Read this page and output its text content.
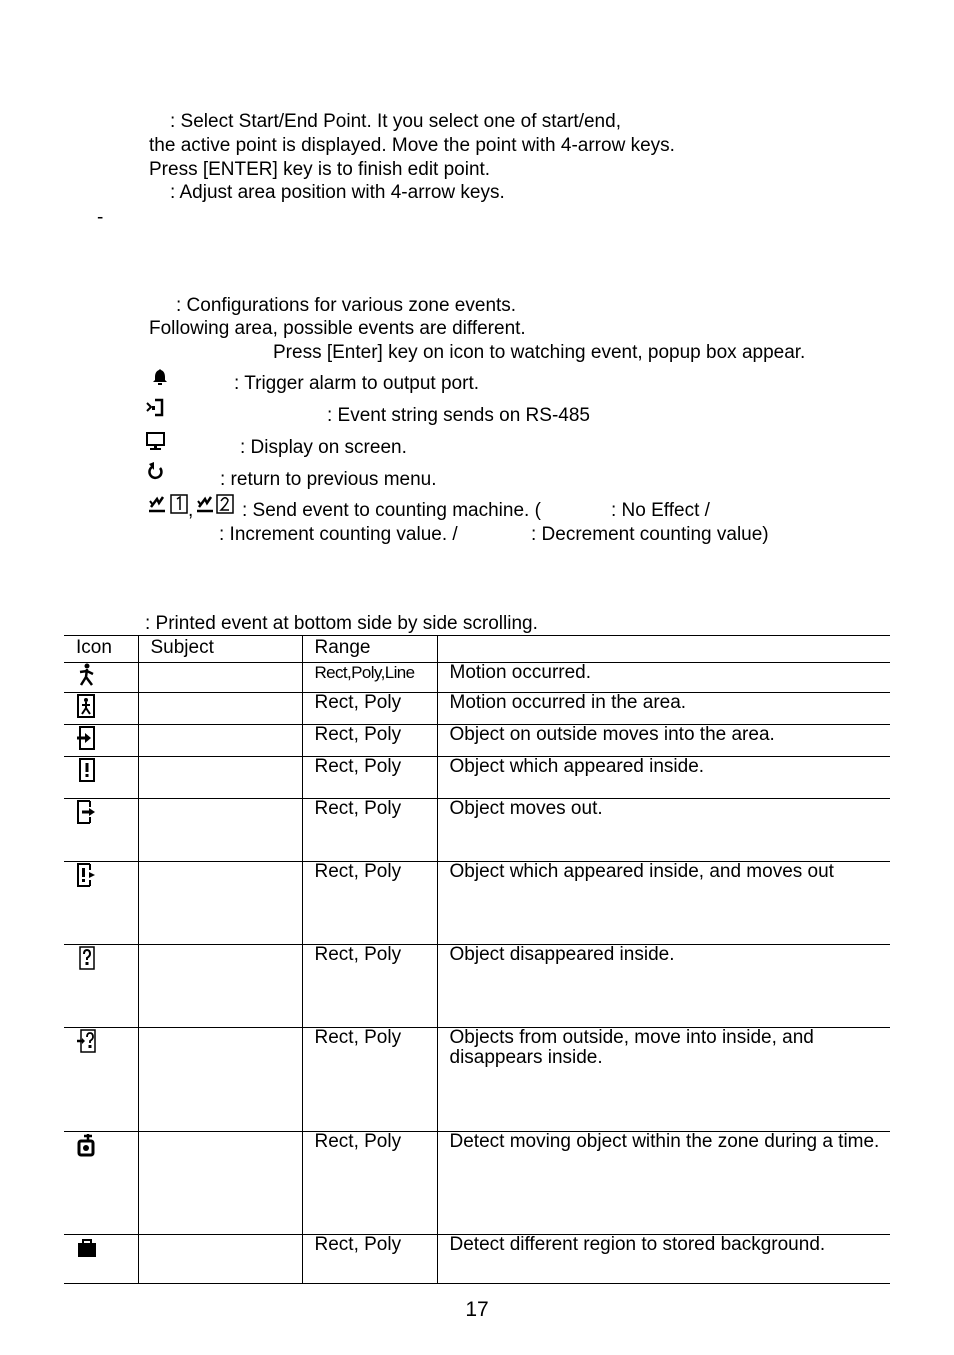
: Select Start/End Point. It you select one of start/end,
the active point is displayed. Move the point with 4-arrow keys.
Press [ENTER] key is to finish edit point.
: Adjust area position with 4-arrow keys.
-
: Configurations for various zone events.
Following area, possible events are different.
Press [Enter] key on icon to watching event, popup box appear.
: Trigger alarm to output port.
: Event string sends on RS-485
: Display on screen.
: return to previous menu.
,	: Send event to counting machine. (	: No Effect /
: Increment counting value. /	: Decrement counting value)
: Printed event at bottom side by side scrolling.
Icon	Subject	Range	
		Rect,Poly,Line	Motion occurred.
		Rect, Poly	Motion occurred in the area.
		Rect, Poly	Object on outside moves into the area.
		Rect, Poly	Object which appeared inside.
		Rect, Poly	Object moves out.
		Rect, Poly	Object which appeared inside, and moves out
		Rect, Poly	Object disappeared inside.
		Rect, Poly	Objects from outside, move into inside, and disappears inside.
		Rect, Poly	Detect moving object within the zone during a time.
		Rect, Poly	Detect different region to stored background.
17
